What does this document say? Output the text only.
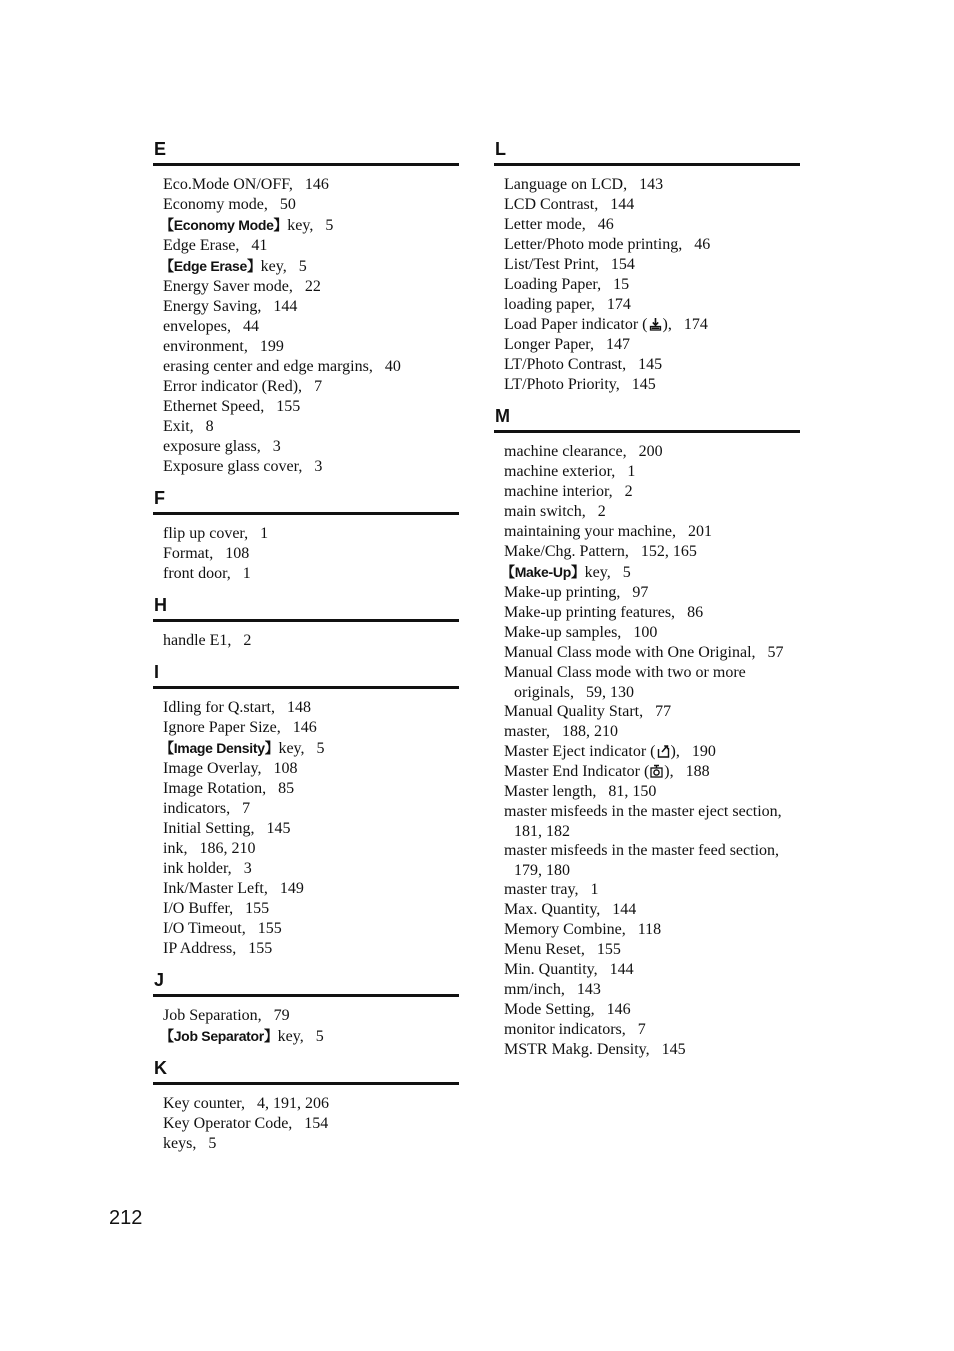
E
Eco.Mode ON/OFF, 146
Economy mode, 50
【Economy Mode】key, 5
Edge Erase, 41
【Edge Erase】key, 5
Energy Saver mode, 22
Energy Saving, 144
envelopes, 44
environment, 199
erasing center and edge margins, 40
Error indicator (Red), 7
Ethernet Speed, 155
Exit, 8
exposure glass, 3
Exposure glass cover, 3
F
flip up cover, 1
Format, 108
front door, 1
H
handle E1, 2
I
Idling for Q.start, 148
Ignore Paper Size, 146
【Image Density】key, 5
Image Overlay, 108
Image Rotation, 85
indicators, 7
Initial Setting, 145
ink, 186, 210
ink holder, 3
Ink/Master Left, 149
I/O Buffer, 155
I/O Timeout, 155
IP Address, 155
J
Job Separation, 79
【Job Separator】key, 5
K
Key counter, 4, 191, 206
Key Operator Code, 154
keys, 5
L
Language on LCD, 143
LCD Contrast, 144
Letter mode, 46
Letter/Photo mode printing, 46
List/Test Print, 154
Loading Paper, 15
loading paper, 174
Load Paper indicator ( ), 174
Longer Paper, 147
LT/Photo Contrast, 145
LT/Photo Priority, 145
M
machine clearance, 200
machine exterior, 1
machine interior, 2
main switch, 2
maintaining your machine, 201
Make/Chg. Pattern, 152, 165
【Make-Up】key, 5
Make-up printing, 97
Make-up printing features, 86
Make-up samples, 100
Manual Class mode with One Original, 57
Manual Class mode with two or more originals, 59, 130
Manual Quality Start, 77
master, 188, 210
Master Eject indicator ( ), 190
Master End Indicator ( ), 188
Master length, 81, 150
master misfeeds in the master eject section,181, 182
master misfeeds in the master feed section,179, 180
master tray, 1
Max. Quantity, 144
Memory Combine, 118
Menu Reset, 155
Min. Quantity, 144
mm/inch, 143
Mode Setting, 146
monitor indicators, 7
MSTR Makg. Density, 145
212
